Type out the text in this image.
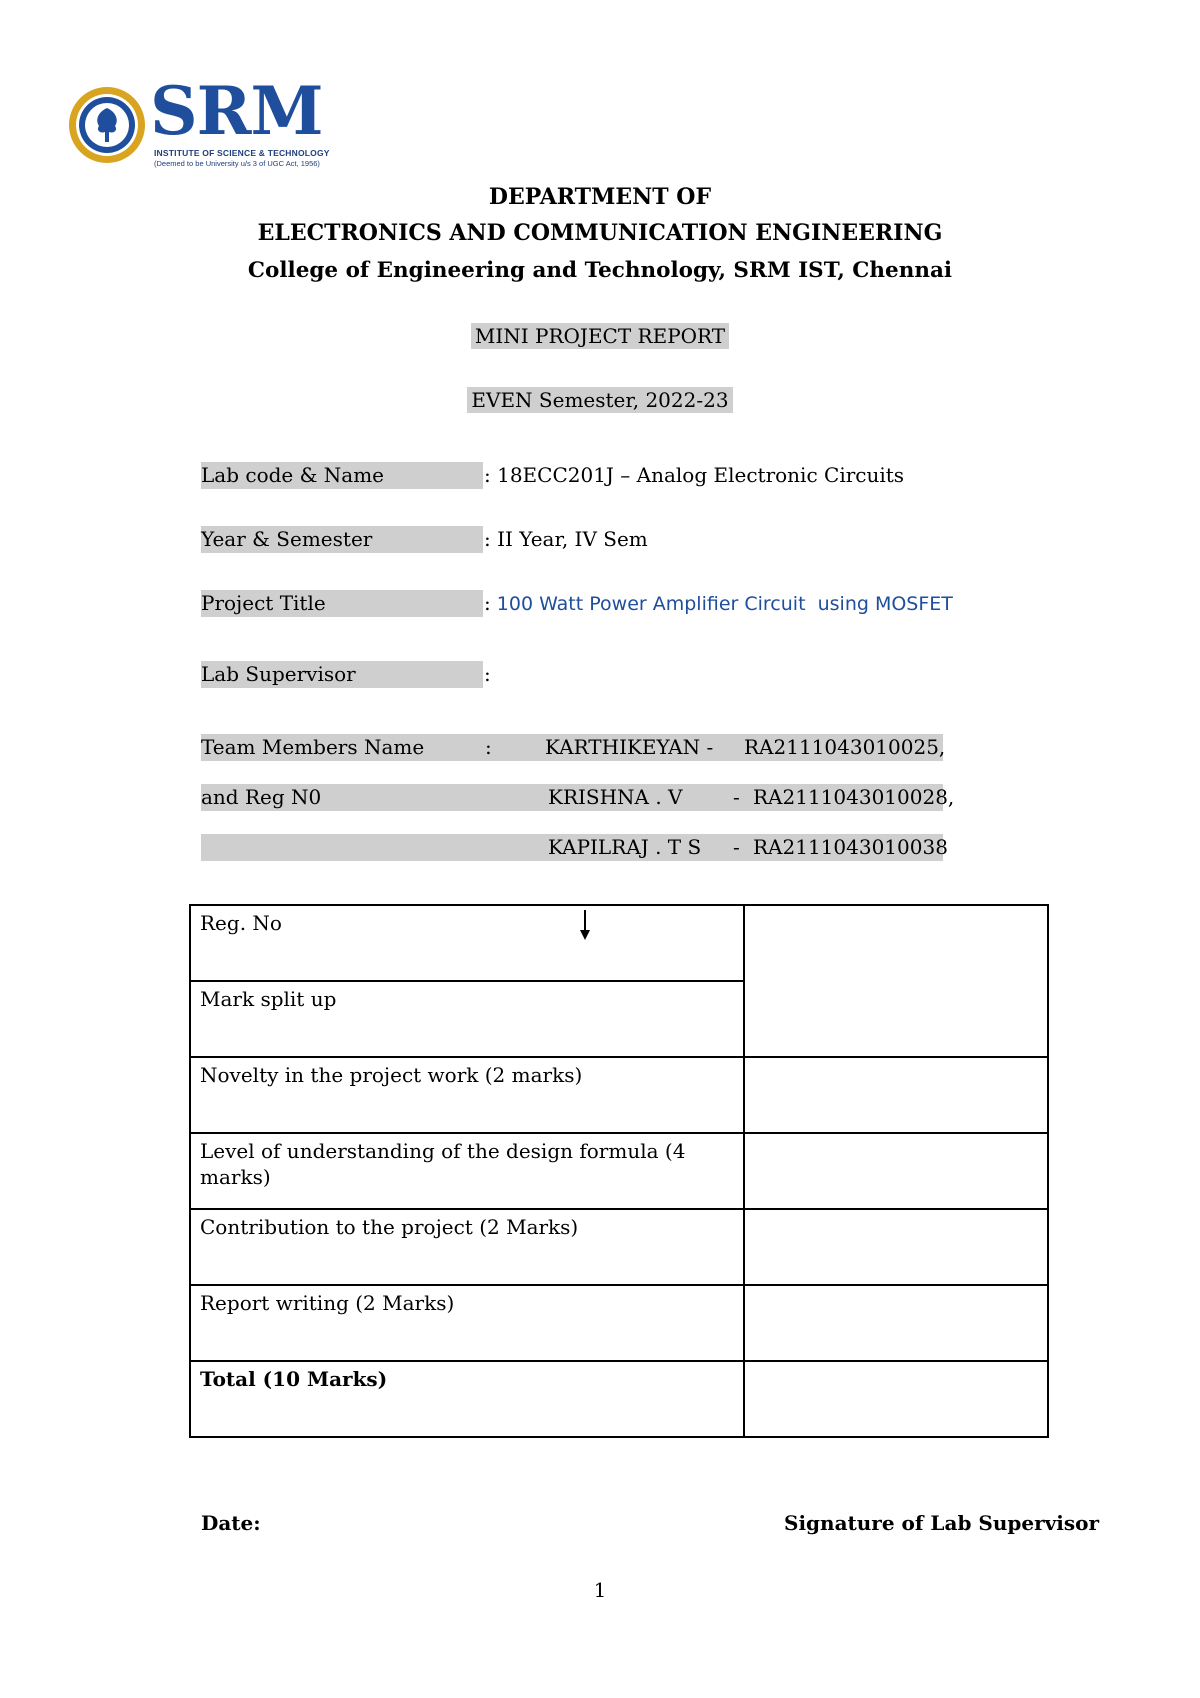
SRM
INSTITUTE OF SCIENCE & TECHNOLOGY
(Deemed to be University u/s 3 of UGC Act, 1956)
DEPARTMENT OF
ELECTRONICS AND COMMUNICATION ENGINEERING
College of Engineering and Technology, SRM IST, Chennai
MINI PROJECT REPORT
EVEN Semester, 2022-23
Lab code & Name	: 18ECC201J – Analog Electronic Circuits
Year & Semester	: II Year, IV Sem
Project Title	: 100 Watt Power Amplifier Circuit  using MOSFET
Lab Supervisor	:
Team Members Name	:	KARTHIKEYAN - RA2111043010025,
and Reg N0	KRISHNA . V	- RA2111043010028,
KAPILRAJ . T S - RA2111043010038
Reg. No	
Mark split up	
Novelty in the project work (2 marks)	
Level of understanding of the design formula (4 marks)	
Contribution to the project (2 Marks)	
Report writing (2 Marks)	
Total (10 Marks)	
Date:	Signature of Lab Supervisor
1
